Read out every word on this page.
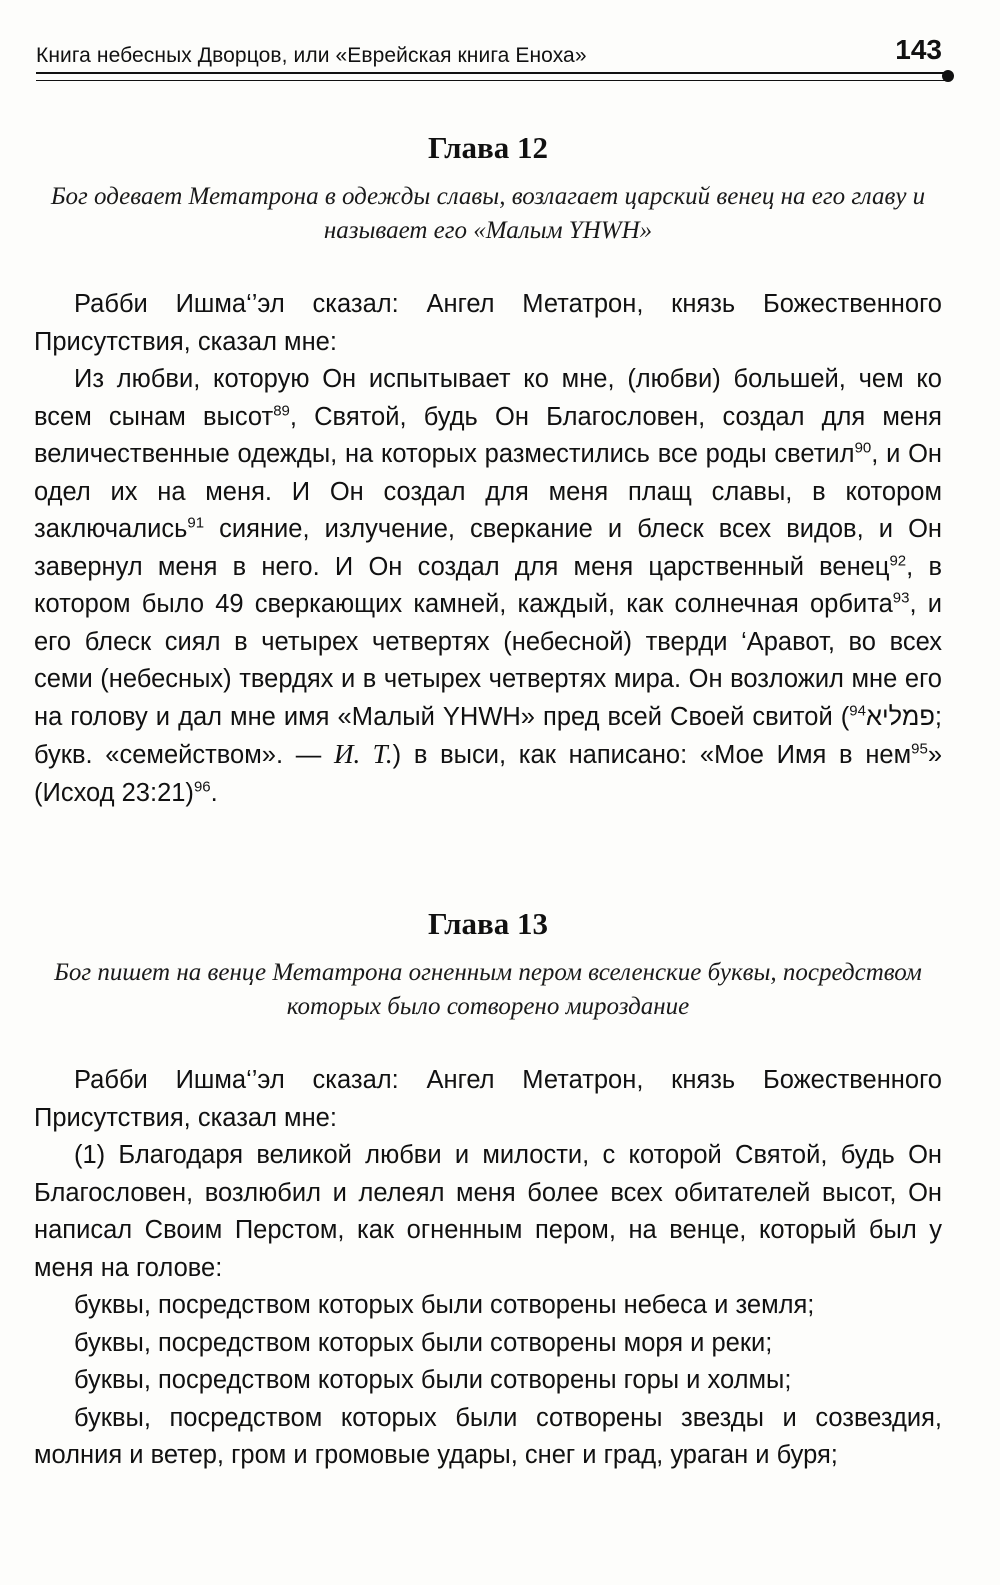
Книга небесных Дворцов, или «Еврейская книга Еноха»	143
Глава 12

Бог одевает Метатрона в одежды славы, возлагает царский венец на его главу и называет его «Малым YHWH»

Рабби Ишма‘’эл сказал: Ангел Метатрон, князь Божественного Присутствия, сказал мне:

Из любви, которую Он испытывает ко мне, (любви) большей, чем ко всем сынам высот$^{89}$, Святой, будь Он Благословен, создал для меня величественные одежды, на которых разместились все роды светил$^{90}$, и Он одел их на меня. И Он создал для меня плащ славы, в котором заключались$^{91}$ сияние, излучение, сверкание и блеск всех видов, и Он завернул меня в него. И Он создал для меня царственный венец$^{92}$, в котором было 49 сверкающих камней, каждый, как солнечная орбита$^{93}$, и его блеск сиял в четырех четвертях (небесной) тверди ‘Аравот, во всех семи (небесных) твердях и в четырех четвертях мира. Он возложил мне его на голову и дал мне имя «Малый YHWH» пред всей Своей свитой ($^{94}$פמליא; букв. «семейством». — И. Т.) в выси, как написано: «Мое Имя в нем$^{95}$» (Исход 23:21)$^{96}$.

Глава 13

Бог пишет на венце Метатрона огненным пером вселенские буквы, посредством которых было сотворено мироздание

Рабби Ишма‘’эл сказал: Ангел Метатрон, князь Божественного Присутствия, сказал мне:

(1) Благодаря великой любви и милости, с которой Святой, будь Он Благословен, возлюбил и лелеял меня более всех обитателей высот, Он написал Своим Перстом, как огненным пером, на венце, который был у меня на голове:

буквы, посредством которых были сотворены небеса и земля;

буквы, посредством которых были сотворены моря и реки;

буквы, посредством которых были сотворены горы и холмы;

буквы, посредством которых были сотворены звезды и созвездия, молния и ветер, гром и громовые удары, снег и град, ураган и буря;
